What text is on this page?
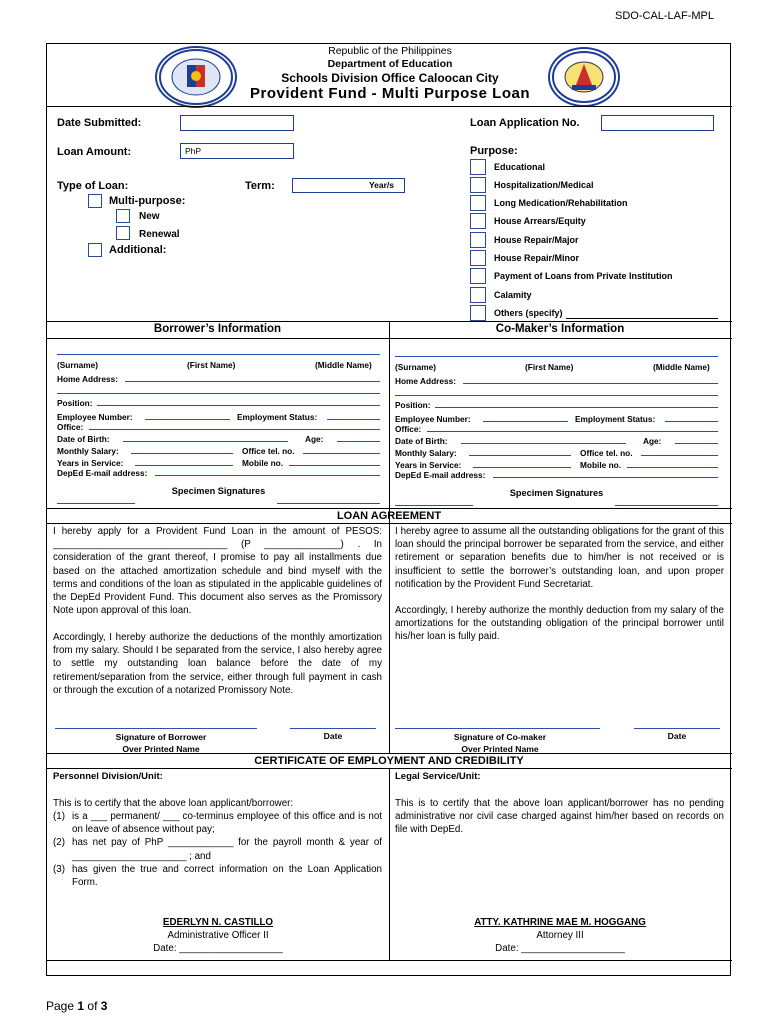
SDO-CAL-LAF-MPL
Republic of the Philippines
Department of Education
Schools Division Office Caloocan City
Provident Fund - Multi Purpose Loan
Date Submitted:
Loan Amount:	PhP
Loan Application No.
Type of Loan:	Term:	Year/s
Multi-purpose:
New
Renewal
Additional:
Purpose:
Educational
Hospitalization/Medical
Long Medication/Rehabilitation
House Arrears/Equity
House Repair/Major
House Repair/Minor
Payment of Loans from Private Institution
Calamity
Others (specify)
Borrower’s Information	Co-Maker’s Information
(Surname)	(First Name)	(Middle Name)
Home Address:
Position:
Employee Number:	Employment Status:
Office:
Date of Birth:	Age:
Monthly Salary:	Office tel. no.
Years in Service:	Mobile no.
DepEd E-mail address:
Specimen Signatures
(Surname)	(First Name)	(Middle Name)
Home Address:
Position:
Employee Number:	Employment Status:
Office:
Date of Birth:	Age:
Monthly Salary:	Office tel. no.
Years in Service:	Mobile no.
DepEd E-mail address:
Specimen Signatures
LOAN AGREEMENT
I hereby apply for a Provident Fund Loan in the amount of PESOS: ________________________________ (P ______________) . In consideration of the grant thereof, I promise to pay all installments due based on the attached amortization schedule and bind myself with the terms and conditions of the loan as stipulated in the applicable guidelines of the DepEd Provident Fund. This document also serves as the Promissory Note upon approval of this loan.
Accordingly, I hereby authorize the deductions of the monthly amortization from my salary. Should I be separated from the service, I also hereby agree to settle my outstanding loan balance before the date of my retirement/separation from the service, either through full payment in cash or through the excution of a notarized Promissory Note.
I hereby agree to assume all the outstanding obligations for the grant of this loan should the principal borrower be separated from the service, and either retirement or separation benefits due to him/her is not received or is insufficient to settle the borrower’s outstanding loan, and upon proper notification by the Provident Fund Secretariat.
Accordingly, I hereby authorize the monthly deduction from my salary of the amortizations for the outstanding obligation of the principal borrower until his/her loan is fully paid.
Signature of Borrower
Over Printed Name
Date	Signature of Co-maker
Over Printed Name
Date
CERTIFICATE OF EMPLOYMENT AND CREDIBILITY
Personnel Division/Unit:
This is to certify that the above loan applicant/borrower:
(1) is a ___ permanent/ ___ co-terminus employee of this office and is not on leave of absence without pay;
(2) has net pay of PhP ____________ for the payroll month & year of _____________________ ; and
(3) has given the true and correct information on the Loan Application Form.
EDERLYN N. CASTILLO
Administrative Officer II
Date: ___________________
Legal Service/Unit:
This is to certify that the above loan applicant/borrower has no pending administrative nor civil case charged against him/her based on records on file with DepEd.
ATTY. KATHRINE MAE M. HOGGANG
Attorney III
Date: ___________________
Page 1 of 3
